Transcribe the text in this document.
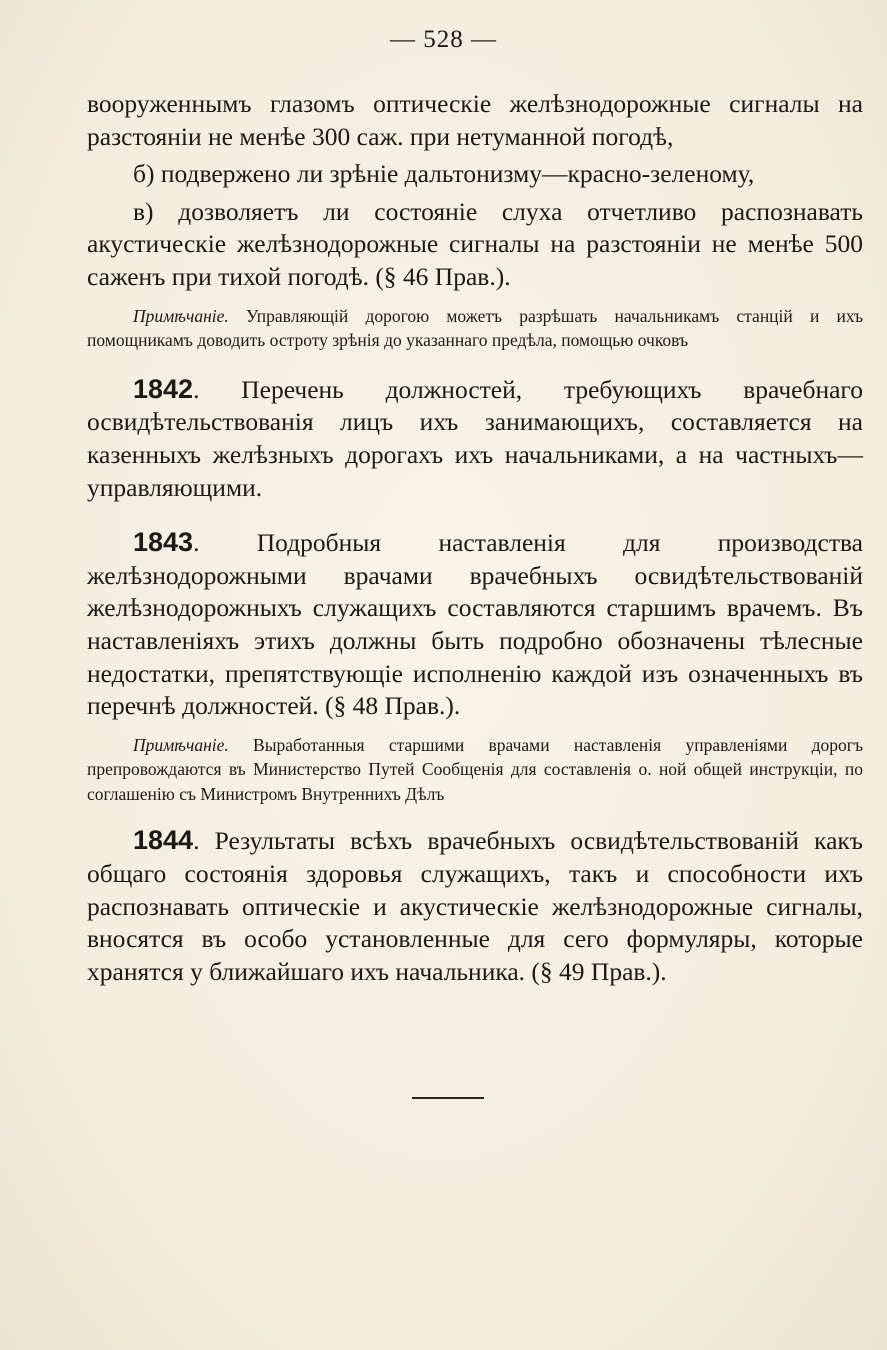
— 528 —

вооруженнымъ глазомъ оптическіе желѣзнодорожные сигналы на разстояніи не менѣе 300 саж. при нетуманной погодѣ,

б) подвержено ли зрѣніе дальтонизму—красно-зеленому,

в) дозволяетъ ли состояніе слуха отчетливо распознавать акустическіе желѣзнодорожные сигналы на разстояніи не менѣе 500 саженъ при тихой погодѣ. (§ 46 Прав.).

Примѣчаніе. Управляющій дорогою можетъ разрѣшать начальникамъ станцій и ихъ помощникамъ доводить остроту зрѣнія до указаннаго предѣла, помощью очковъ

1842. Перечень должностей, требующихъ врачебнаго освидѣтельствованія лицъ ихъ занимающихъ, составляется на казенныхъ желѣзныхъ дорогахъ ихъ начальниками, а на частныхъ—управляющими.

1843. Подробныя наставленія для производства желѣзнодорожными врачами врачебныхъ освидѣтельствованій желѣзнодорожныхъ служащихъ составляются старшимъ врачемъ. Въ наставленіяхъ этихъ должны быть подробно обозначены тѣлесные недостатки, препятствующіе исполненію каждой изъ означенныхъ въ перечнѣ должностей. (§ 48 Прав.).

Примѣчаніе. Выработанныя старшими врачами наставленія управленіями дорогъ препровождаются въ Министерство Путей Сообщенія для составленія о. ной общей инструкціи, по соглашенію съ Министромъ Внутреннихъ Дѣлъ

1844. Результаты всѣхъ врачебныхъ освидѣтельствованій какъ общаго состоянія здоровья служащихъ, такъ и способности ихъ распознавать оптическіе и акустическіе желѣзнодорожные сигналы, вносятся въ особо установленные для сего формуляры, которые хранятся у ближайшаго ихъ начальника. (§ 49 Прав.).
